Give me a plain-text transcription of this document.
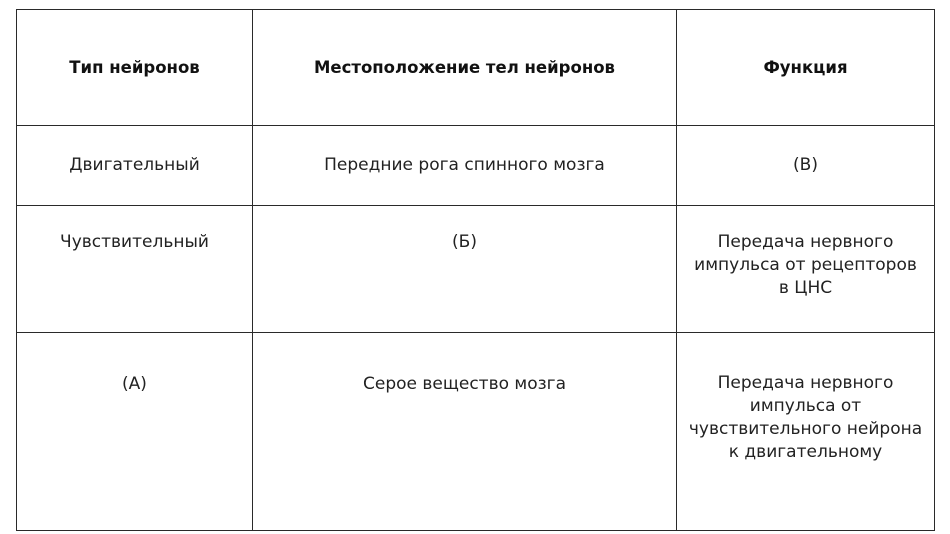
Тип нейронов	Местоположение тел нейронов	Функция
Двигательный	Передние рога спинного мозга	(В)
Чувствительный	(Б)	Передача нервного импульса от рецепторов в ЦНС
(А)	Серое вещество мозга	Передача нервного импульса от чувствительного нейрона к двигательному
